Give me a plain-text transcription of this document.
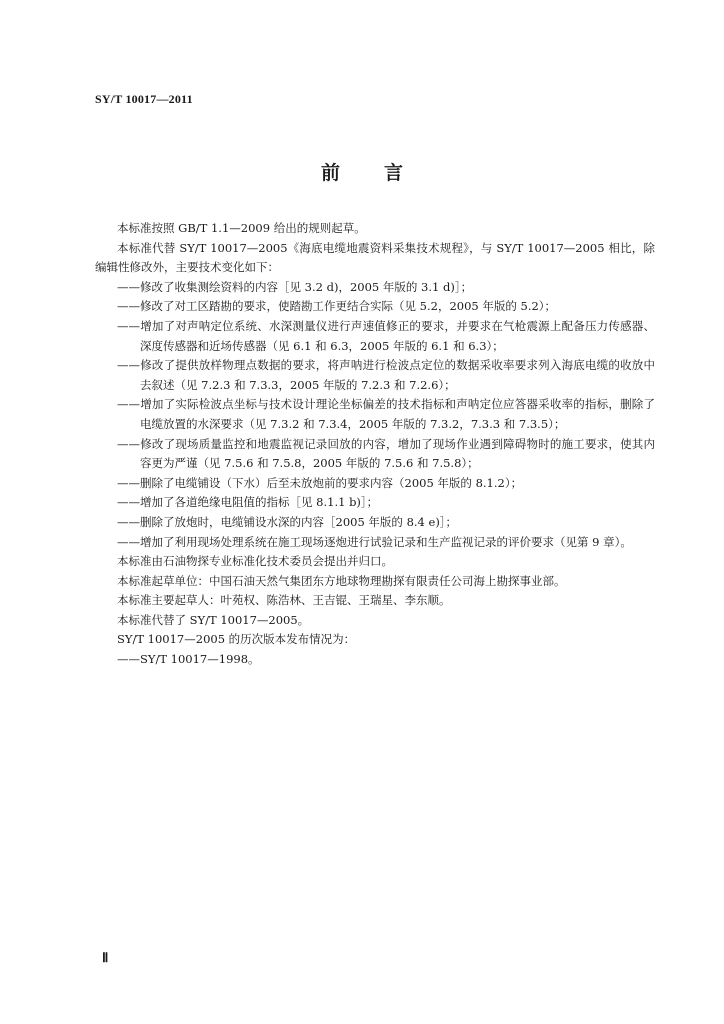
SY/T 10017—2011
前 言

本标准按照 GB/T 1.1—2009 给出的规则起草。

本标准代替 SY/T 10017—2005《海底电缆地震资料采集技术规程》，与 SY/T 10017—2005 相比，除编辑性修改外，主要技术变化如下：

——修改了收集测绘资料的内容［见 3.2 d)，2005 年版的 3.1 d)］；

——修改了对工区踏勘的要求，使踏勘工作更结合实际（见 5.2，2005 年版的 5.2）；

——增加了对声呐定位系统、水深测量仪进行声速值修正的要求，并要求在气枪震源上配备压力传感器、深度传感器和近场传感器（见 6.1 和 6.3，2005 年版的 6.1 和 6.3）；

——修改了提供放样物理点数据的要求，将声呐进行检波点定位的数据采收率要求列入海底电缆的收放中去叙述（见 7.2.3 和 7.3.3，2005 年版的 7.2.3 和 7.2.6）；

——增加了实际检波点坐标与技术设计理论坐标偏差的技术指标和声呐定位应答器采收率的指标，删除了电缆放置的水深要求（见 7.3.2 和 7.3.4，2005 年版的 7.3.2，7.3.3 和 7.3.5）；

——修改了现场质量监控和地震监视记录回放的内容，增加了现场作业遇到障碍物时的施工要求，使其内容更为严谨（见 7.5.6 和 7.5.8，2005 年版的 7.5.6 和 7.5.8）；

——删除了电缆铺设（下水）后至未放炮前的要求内容（2005 年版的 8.1.2）；

——增加了各道绝缘电阻值的指标［见 8.1.1 b)］；

——删除了放炮时，电缆铺设水深的内容［2005 年版的 8.4 e)］；

——增加了利用现场处理系统在施工现场逐炮进行试验记录和生产监视记录的评价要求（见第 9 章）。

本标准由石油物探专业标准化技术委员会提出并归口。

本标准起草单位：中国石油天然气集团东方地球物理勘探有限责任公司海上勘探事业部。

本标准主要起草人：叶苑权、陈浩林、王吉锟、王瑞星、李东顺。

本标准代替了 SY/T 10017—2005。

SY/T 10017—2005 的历次版本发布情况为：

——SY/T 10017—1998。

Ⅱ
